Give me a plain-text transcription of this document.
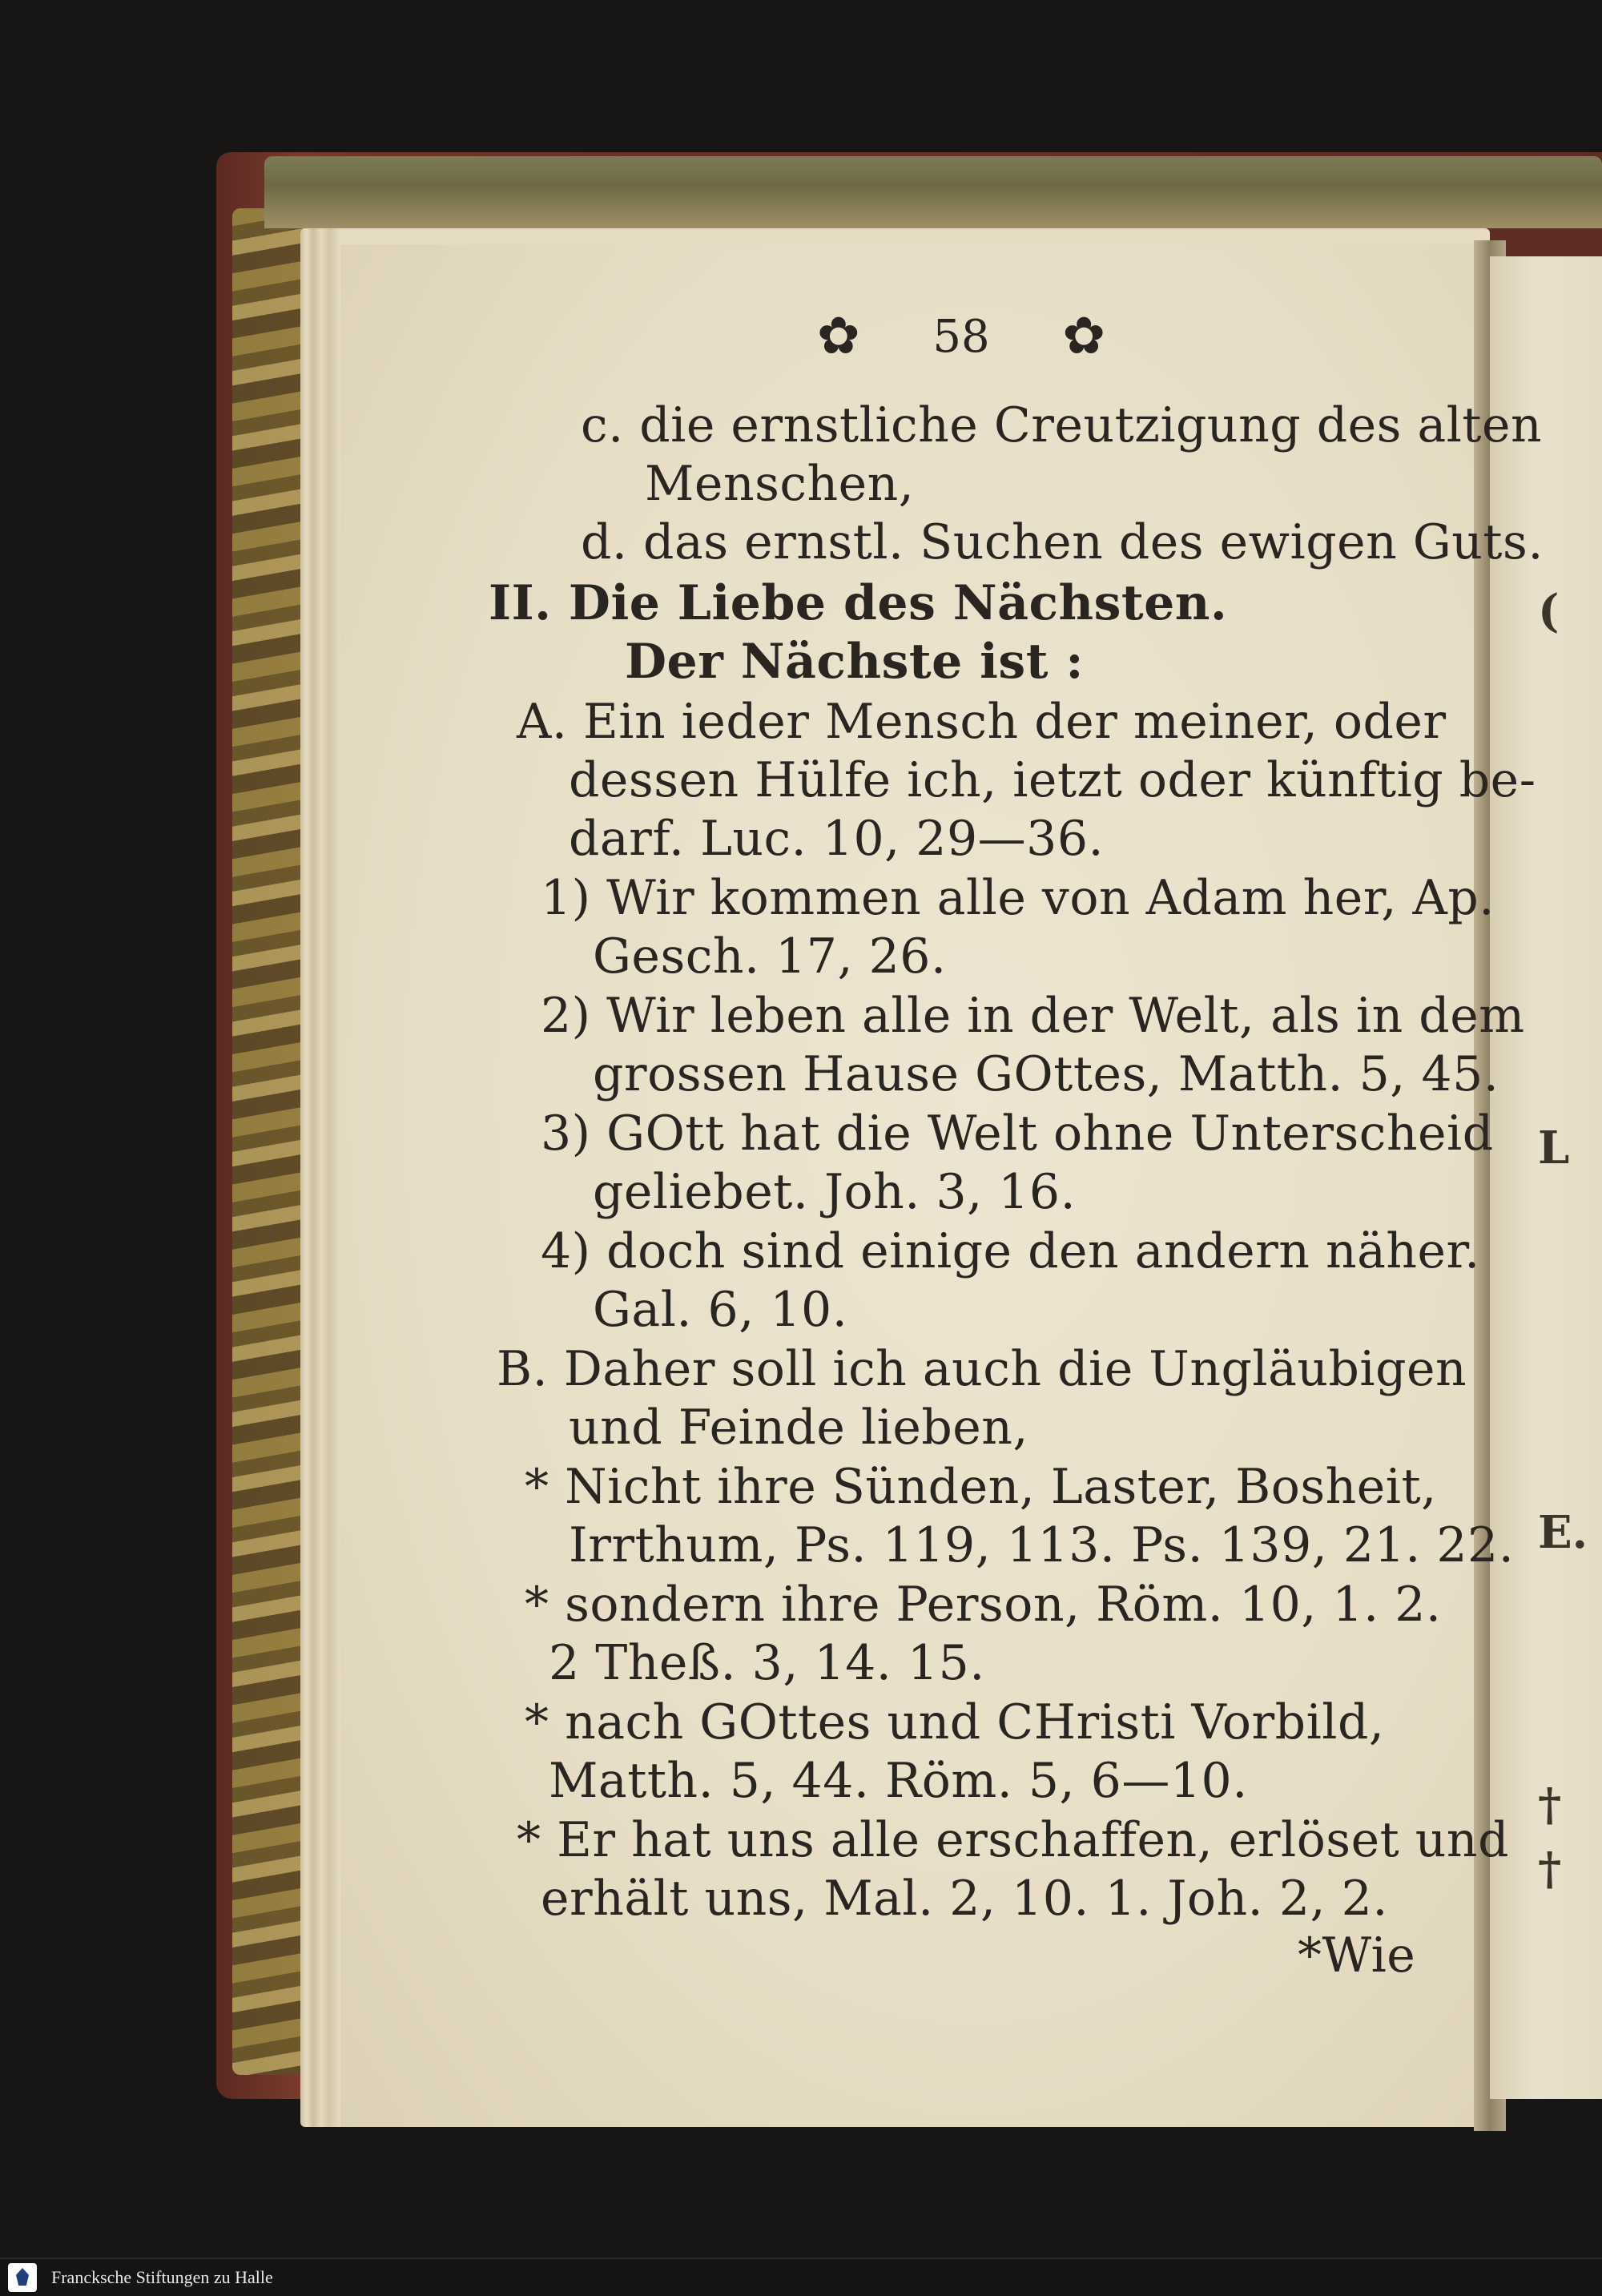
✿ 58 ✿
c. die ernstliche Creutzigung des alten
Menschen,
d. das ernstl. Suchen des ewigen Guts.
II. Die Liebe des Nächsten.
Der Nächste ist :
A. Ein ieder Mensch der meiner, oder
dessen Hülfe ich, ietzt oder künftig be-
darf. Luc. 10, 29—36.
1) Wir kommen alle von Adam her, Ap.
Gesch. 17, 26.
2) Wir leben alle in der Welt, als in dem
grossen Hause GOttes, Matth. 5, 45.
3) GOtt hat die Welt ohne Unterscheid
geliebet. Joh. 3, 16.
4) doch sind einige den andern näher.
Gal. 6, 10.
B. Daher soll ich auch die Ungläubigen
und Feinde lieben,
* Nicht ihre Sünden, Laster, Bosheit,
Irrthum, Ps. 119, 113. Ps. 139, 21. 22.
* sondern ihre Person, Röm. 10, 1. 2.
2 Theß. 3, 14. 15.
* nach GOttes und CHristi Vorbild,
Matth. 5, 44. Röm. 5, 6—10.
* Er hat uns alle erschaffen, erlöset und
erhält uns, Mal. 2, 10. 1. Joh. 2, 2.
*Wie
(
L
E.
†
†
Francksche Stiftungen zu Halle
